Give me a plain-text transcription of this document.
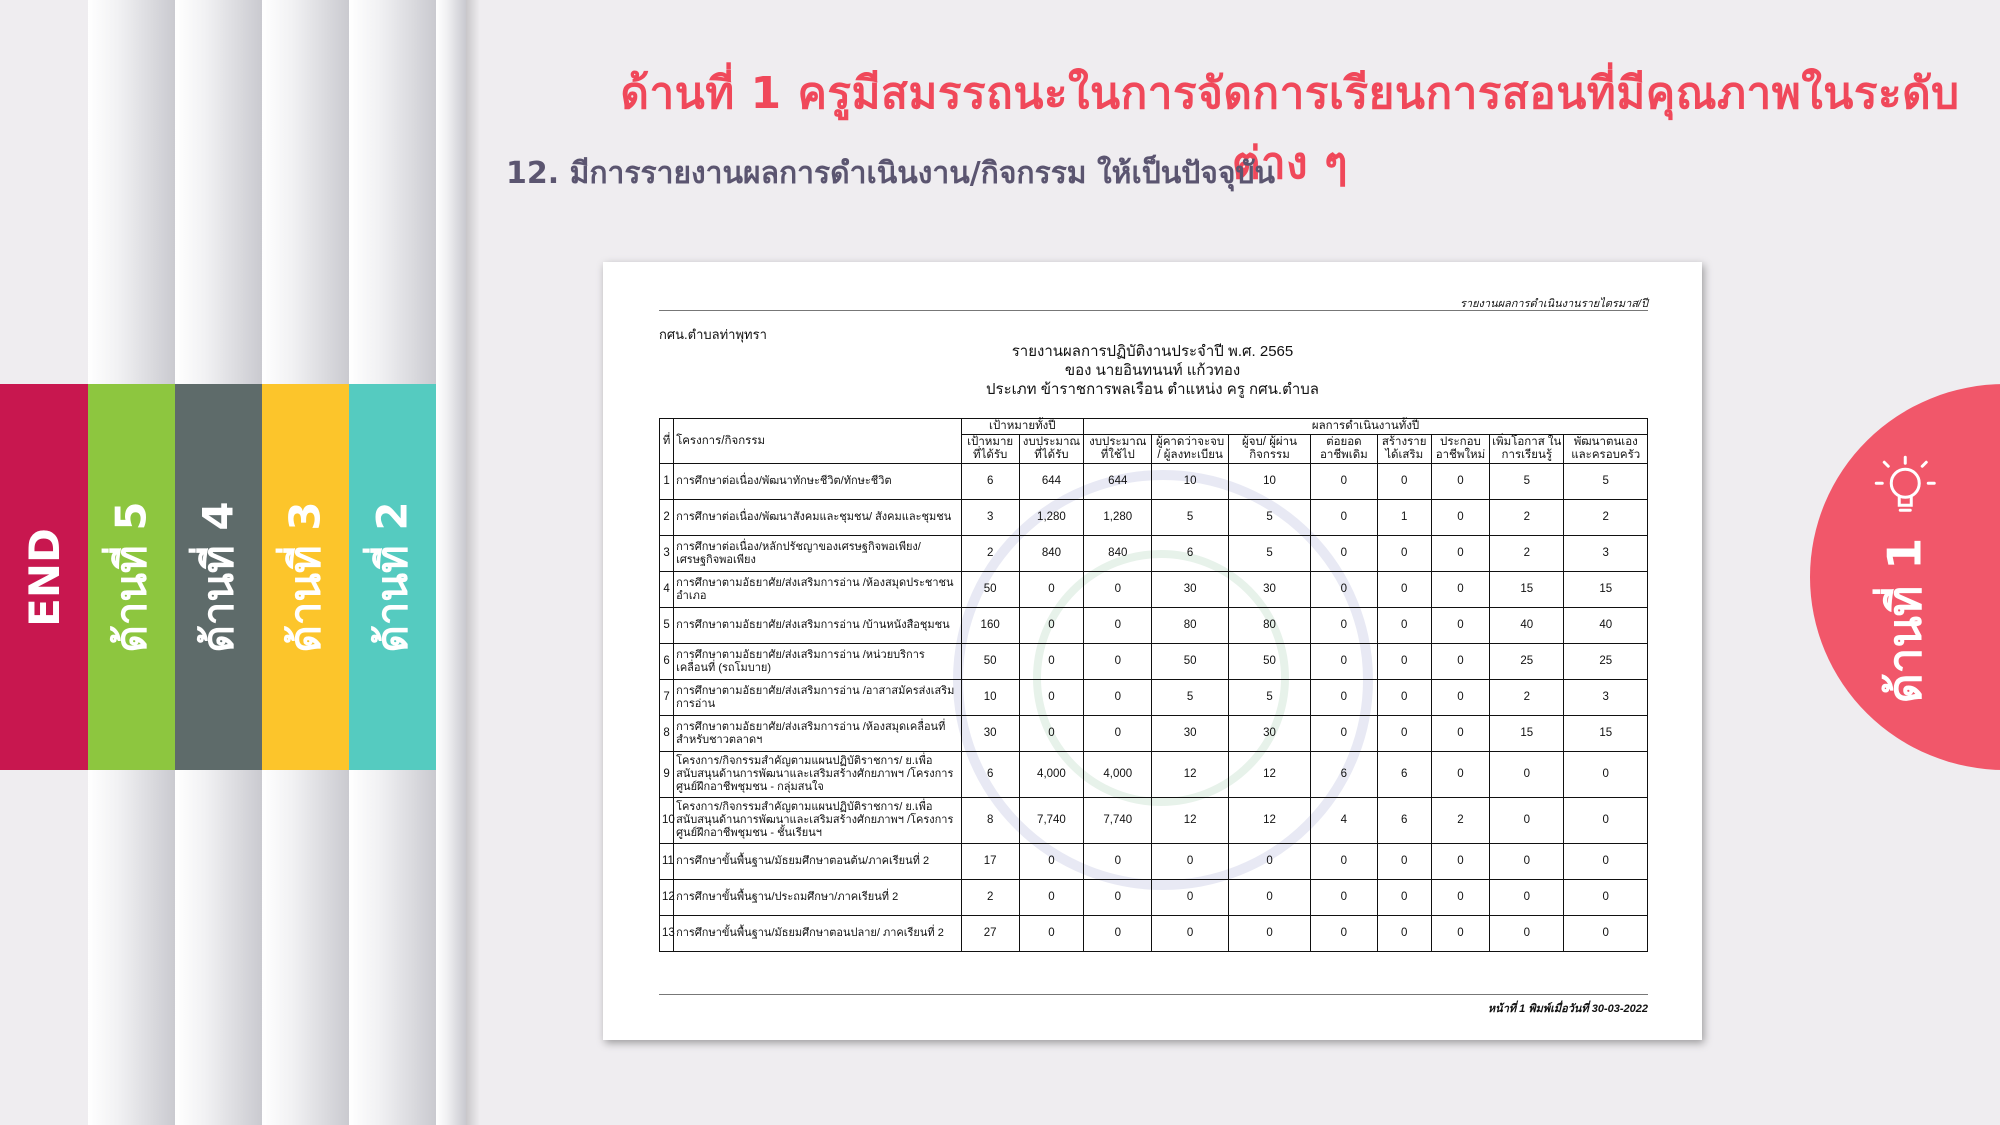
END ด้านที่ 5 ด้านที่ 4 ด้านที่ 3 ด้านที่ 2	ด้านที่ 1
ด้านที่ 1 ครูมีสมรรถนะในการจัดการเรียนการสอนที่มีคุณภาพในระดับต่าง ๆ
12. มีการรายงานผลการดำเนินงาน/กิจกรรม ให้เป็นปัจจุบัน
รายงานผลการดำเนินงานรายไตรมาส/ปี
กศน.ตำบลท่าพุทรา
รายงานผลการปฏิบัติงานประจำปี พ.ศ. 2565
ของ นายอินทนนท์ แก้วทอง
ประเภท ข้าราชการพลเรือน ตำแหน่ง ครู กศน.ตำบล
ที่	โครงการ/กิจกรรม	เป้าหมายทั้งปี		ผลการดำเนินงานทั้งปี							
		เป้าหมาย ที่ได้รับ	งบประมาณ ที่ได้รับ	งบประมาณ ที่ใช้ไป	ผู้คาดว่าจะจบ / ผู้ลงทะเบียน	ผู้จบ/ ผู้ผ่านกิจกรรม	ต่อยอด อาชีพเดิม	สร้างราย ได้เสริม	ประกอบ อาชีพใหม่	เพิ่มโอกาส ในการเรียนรู้	พัฒนาตนเอง และครอบครัว
1	การศึกษาต่อเนื่อง/พัฒนาทักษะชีวิต/ทักษะชีวิต	6	644	644	10	10	0	0	0	5	5
2	การศึกษาต่อเนื่อง/พัฒนาสังคมและชุมชน/ สังคมและชุมชน	3	1,280	1,280	5	5	0	1	0	2	2
3	การศึกษาต่อเนื่อง/หลักปรัชญาของเศรษฐกิจพอเพียง/ เศรษฐกิจพอเพียง	2	840	840	6	5	0	0	0	2	3
4	การศึกษาตามอัธยาศัย/ส่งเสริมการอ่าน /ห้องสมุดประชาชนอำเภอ	50	0	0	30	30	0	0	0	15	15
5	การศึกษาตามอัธยาศัย/ส่งเสริมการอ่าน /บ้านหนังสือชุมชน	160	0	0	80	80	0	0	0	40	40
6	การศึกษาตามอัธยาศัย/ส่งเสริมการอ่าน /หน่วยบริการเคลื่อนที่ (รถโมบาย)	50	0	0	50	50	0	0	0	25	25
7	การศึกษาตามอัธยาศัย/ส่งเสริมการอ่าน /อาสาสมัครส่งเสริมการอ่าน	10	0	0	5	5	0	0	0	2	3
8	การศึกษาตามอัธยาศัย/ส่งเสริมการอ่าน /ห้องสมุดเคลื่อนที่สำหรับชาวตลาดฯ	30	0	0	30	30	0	0	0	15	15
9	โครงการ/กิจกรรมสำคัญตามแผนปฏิบัติราชการ/ ย.เพื่อสนับสนุนด้านการพัฒนาและเสริมสร้างศักยภาพฯ /โครงการศูนย์ฝึกอาชีพชุมชน - กลุ่มสนใจ	6	4,000	4,000	12	12	6	6	0	0	0
10	โครงการ/กิจกรรมสำคัญตามแผนปฏิบัติราชการ/ ย.เพื่อสนับสนุนด้านการพัฒนาและเสริมสร้างศักยภาพฯ /โครงการศูนย์ฝึกอาชีพชุมชน - ชั้นเรียนฯ	8	7,740	7,740	12	12	4	6	2	0	0
11	การศึกษาขั้นพื้นฐาน/มัธยมศึกษาตอนต้น/ภาคเรียนที่ 2	17	0	0	0	0	0	0	0	0	0
12	การศึกษาขั้นพื้นฐาน/ประถมศึกษา/ภาคเรียนที่ 2	2	0	0	0	0	0	0	0	0	0
13	การศึกษาขั้นพื้นฐาน/มัธยมศึกษาตอนปลาย/ ภาคเรียนที่ 2	27	0	0	0	0	0	0	0	0	0
หน้าที่ 1 พิมพ์เมื่อวันที่ 30-03-2022
